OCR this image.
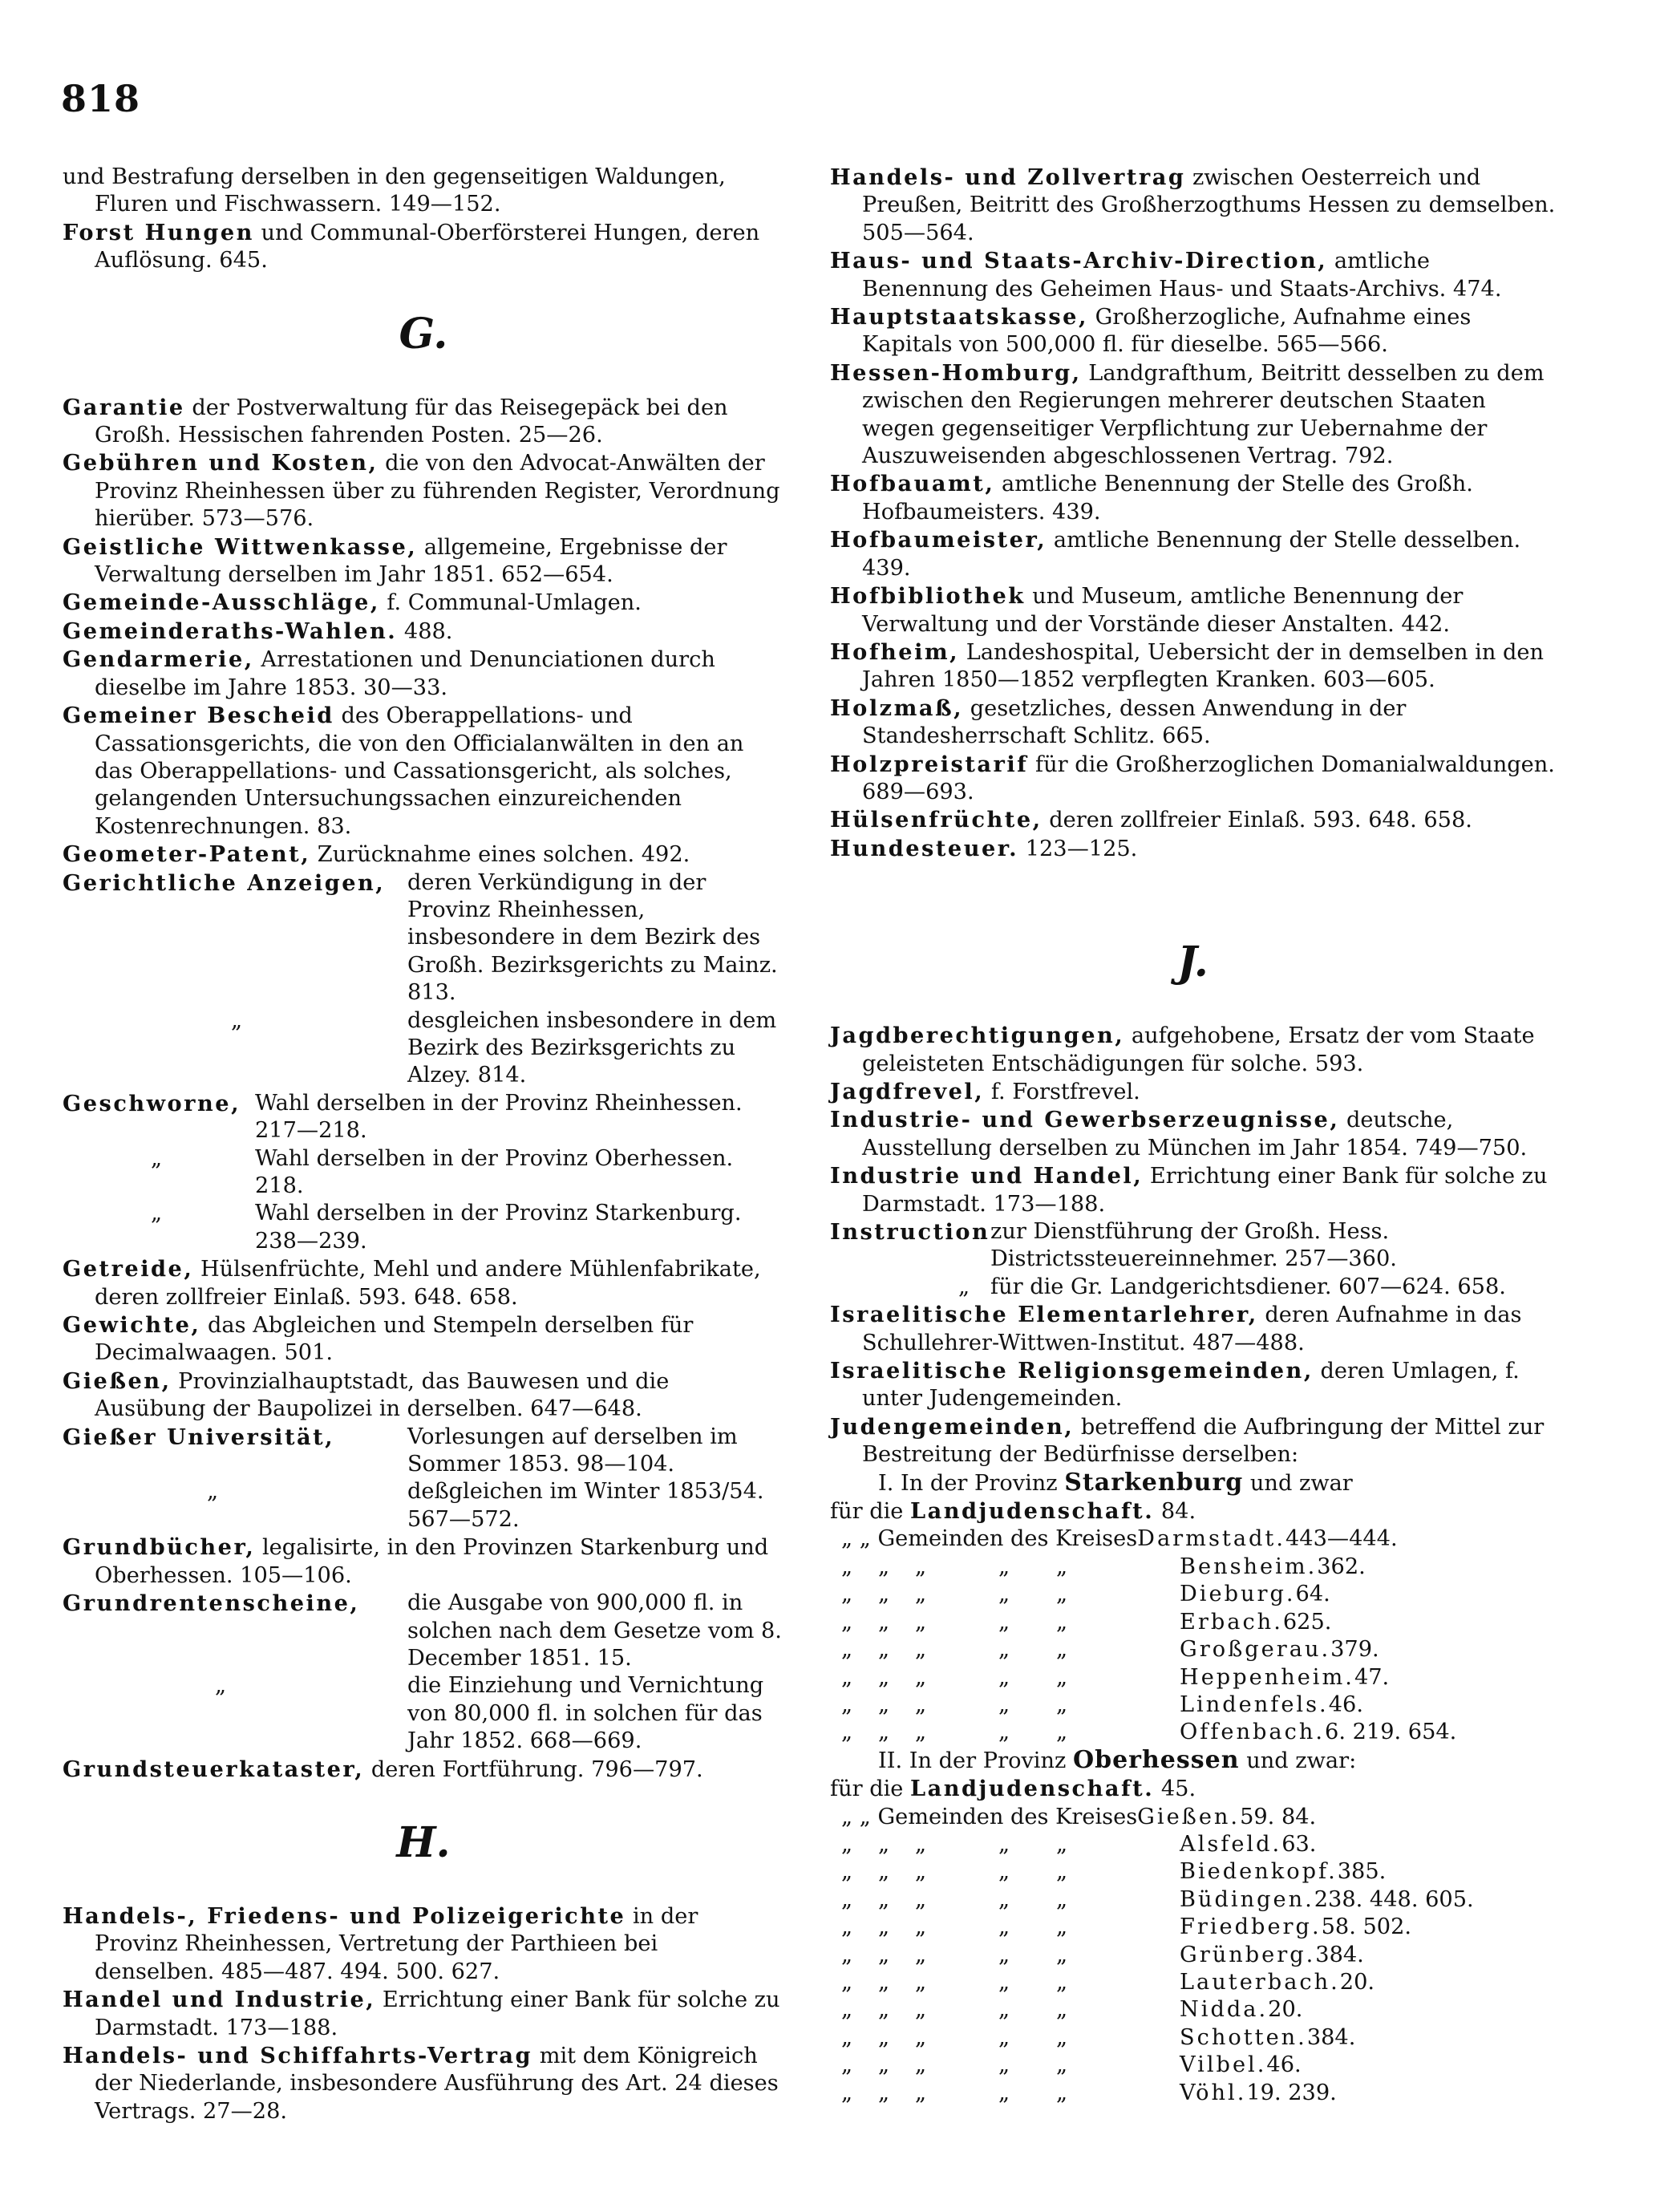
818

und Bestrafung derselben in den gegenseitigen Waldungen, Fluren und Fischwassern. 149—152.

Forst Hungen und Communal-Oberförsterei Hungen, deren Auflösung. 645.

G.

Garantie der Postverwaltung für das Reisegepäck bei den Großh. Hessischen fahrenden Posten. 25—26.

Gebühren und Kosten, die von den Advocat-Anwälten der Provinz Rheinhessen über zu führenden Register, Verordnung hierüber. 573—576.

Geistliche Wittwenkasse, allgemeine, Ergebnisse der Verwaltung derselben im Jahr 1851. 652—654.

Gemeinde-Ausschläge, f. Communal-Umlagen.

Gemeinderaths-Wahlen. 488.

Gendarmerie, Arrestationen und Denunciationen durch dieselbe im Jahre 1853. 30—33.

Gemeiner Bescheid des Oberappellations- und Cassationsgerichts, die von den Officialanwälten in den an das Oberappellations- und Cassationsgericht, als solches, gelangenden Untersuchungssachen einzureichenden Kostenrechnungen. 83.

Geometer-Patent, Zurücknahme eines solchen. 492.

Gerichtliche Anzeigen,	deren Verkündigung in der Provinz Rheinhessen, insbesondere in dem Bezirk des Großh. Bezirksgerichts zu Mainz. 813.
„	desgleichen insbesondere in dem Bezirk des Bezirksgerichts zu Alzey. 814.
Geschworne, Wahl derselben in der Provinz Rheinhessen. 217—218.
„	Wahl derselben in der Provinz Oberhessen. 218.
„	Wahl derselben in der Provinz Starkenburg. 238—239.

Getreide, Hülsenfrüchte, Mehl und andere Mühlenfabrikate, deren zollfreier Einlaß. 593. 648. 658.

Gewichte, das Abgleichen und Stempeln derselben für Decimalwaagen. 501.

Gießen, Provinzialhauptstadt, das Bauwesen und die Ausübung der Baupolizei in derselben. 647—648.

Gießer Universität,	Vorlesungen auf derselben im Sommer 1853. 98—104.
„	deßgleichen im Winter 1853/54. 567—572.

Grundbücher, legalisirte, in den Provinzen Starkenburg und Oberhessen. 105—106.

Grundrentenscheine,	die Ausgabe von 900,000 fl. in solchen nach dem Gesetze vom 8. December 1851. 15.
„	die Einziehung und Vernichtung von 80,000 fl. in solchen für das Jahr 1852. 668—669.

Grundsteuerkataster, deren Fortführung. 796—797.

H.

Handels-, Friedens- und Polizeigerichte in der Provinz Rheinhessen, Vertretung der Parthieen bei denselben. 485—487. 494. 500. 627.

Handel und Industrie, Errichtung einer Bank für solche zu Darmstadt. 173—188.

Handels- und Schiffahrts-Vertrag mit dem Königreich der Niederlande, insbesondere Ausführung des Art. 24 dieses Vertrags. 27—28.

Handels- und Zollvertrag zwischen Oesterreich und Preußen, Beitritt des Großherzogthums Hessen zu demselben. 505—564.

Haus- und Staats-Archiv-Direction, amtliche Benennung des Geheimen Haus- und Staats-Archivs. 474.

Hauptstaatskasse, Großherzogliche, Aufnahme eines Kapitals von 500,000 fl. für dieselbe. 565—566.

Hessen-Homburg, Landgrafthum, Beitritt desselben zu dem zwischen den Regierungen mehrerer deutschen Staaten wegen gegenseitiger Verpflichtung zur Uebernahme der Auszuweisenden abgeschlossenen Vertrag. 792.

Hofbauamt, amtliche Benennung der Stelle des Großh. Hofbaumeisters. 439.

Hofbaumeister, amtliche Benennung der Stelle desselben. 439.

Hofbibliothek und Museum, amtliche Benennung der Verwaltung und der Vorstände dieser Anstalten. 442.

Hofheim, Landeshospital, Uebersicht der in demselben in den Jahren 1850—1852 verpflegten Kranken. 603—605.

Holzmaß, gesetzliches, dessen Anwendung in der Standesherrschaft Schlitz. 665.

Holzpreistarif für die Großherzoglichen Domanialwaldungen. 689—693.

Hülsenfrüchte, deren zollfreier Einlaß. 593. 648. 658.

Hundesteuer. 123—125.

J.

Jagdberechtigungen, aufgehobene, Ersatz der vom Staate geleisteten Entschädigungen für solche. 593.

Jagdfrevel, f. Forstfrevel.

Industrie- und Gewerbserzeugnisse, deutsche, Ausstellung derselben zu München im Jahr 1854. 749—750.

Industrie und Handel, Errichtung einer Bank für solche zu Darmstadt. 173—188.

Instruction zur Dienstführung der Großh. Hess. Districtssteuereinnehmer. 257—360.
„ für die Gr. Landgerichtsdiener. 607—624. 658.

Israelitische Elementarlehrer, deren Aufnahme in das Schullehrer-Wittwen-Institut. 487—488.

Israelitische Religionsgemeinden, deren Umlagen, f. unter Judengemeinden.

Judengemeinden, betreffend die Aufbringung der Mittel zur Bestreitung der Bedürfnisse derselben:

I. In der Provinz Starkenburg und zwar
für die Landjudenschaft. 84.
„ „ Gemeinden des Kreises Darmstadt. 443—444.
„	„	„	„	„	Bensheim. 362.
„	„	„	„	„	Dieburg. 64.
„	„	„	„	„	Erbach. 625.
„	„	„	„	„	Großgerau. 379.
„	„	„	„	„	Heppenheim. 47.
„	„	„	„	„	Lindenfels. 46.
„	„	„	„	„	Offenbach. 6. 219. 654.
II. In der Provinz Oberhessen und zwar:
für die Landjudenschaft. 45.
„ „ Gemeinden des Kreises Gießen. 59. 84.
„	„	„	„	„	Alsfeld. 63.
„	„	„	„	„	Biedenkopf. 385.
„	„	„	„	„	Büdingen. 238. 448. 605.
„	„	„	„	„	Friedberg. 58. 502.
„	„	„	„	„	Grünberg. 384.
„	„	„	„	„	Lauterbach. 20.
„	„	„	„	„	Nidda. 20.
„	„	„	„	„	Schotten. 384.
„	„	„	„	„	Vilbel. 46.
„	„	„	„	„	Vöhl. 19. 239.
